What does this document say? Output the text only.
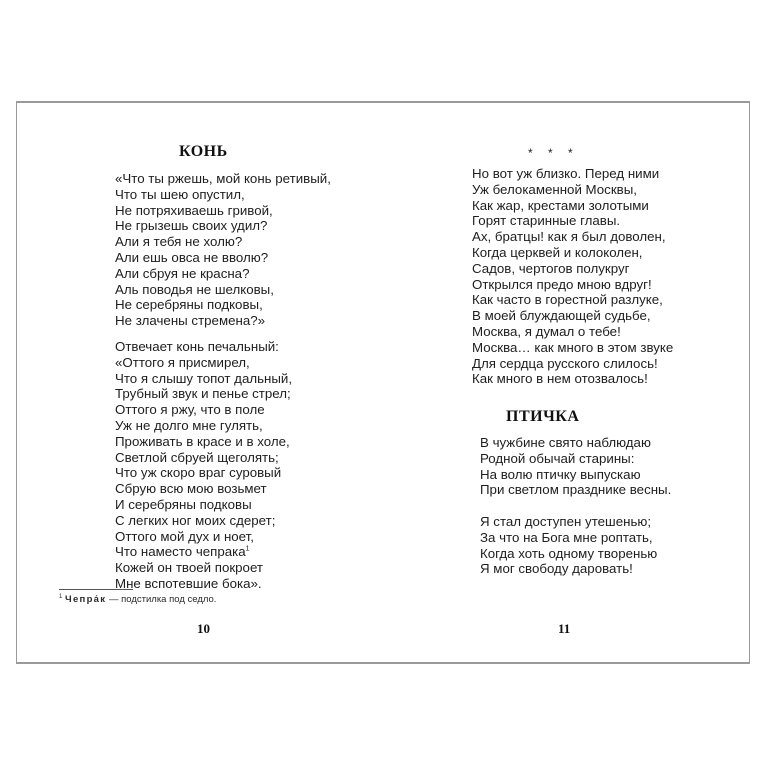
КОНЬ
«Что ты ржешь, мой конь ретивый,
Что ты шею опустил,
Не потряхиваешь гривой,
Не грызешь своих удил?
Али я тебя не холю?
Али ешь овса не вволю?
Али сбруя не красна?
Аль поводья не шелковы,
Не серебряны подковы,
Не злачены стремена?»
Отвечает конь печальный:
«Оттого я присмирел,
Что я слышу топот дальный,
Трубный звук и пенье стрел;
Оттого я ржу, что в поле
Уж не долго мне гулять,
Проживать в красе и в холе,
Светлой сбруей щеголять;
Что уж скоро враг суровый
Сбрую всю мою возьмет
И серебряны подковы
С легких ног моих сдерет;
Оттого мой дух и ноет,
Что наместо чепрака$^1$
Кожей он твоей покроет
Мне вспотевшие бока».
$^1$ Чепра́к — подстилка под седло.
10
* * *
Но вот уж близко. Перед ними
Уж белокаменной Москвы,
Как жар, крестами золотыми
Горят старинные главы.
Ах, братцы! как я был доволен,
Когда церквей и колоколен,
Садов, чертогов полукруг
Открылся предо мною вдруг!
Как часто в горестной разлуке,
В моей блуждающей судьбе,
Москва, я думал о тебе!
Москва… как много в этом звуке
Для сердца русского слилось!
Как много в нем отозвалось!
ПТИЧКА
В чужбине свято наблюдаю
Родной обычай старины:
На волю птичку выпускаю
При светлом празднике весны.
Я стал доступен утешенью;
За что на Бога мне роптать,
Когда хоть одному творенью
Я мог свободу даровать!
11
